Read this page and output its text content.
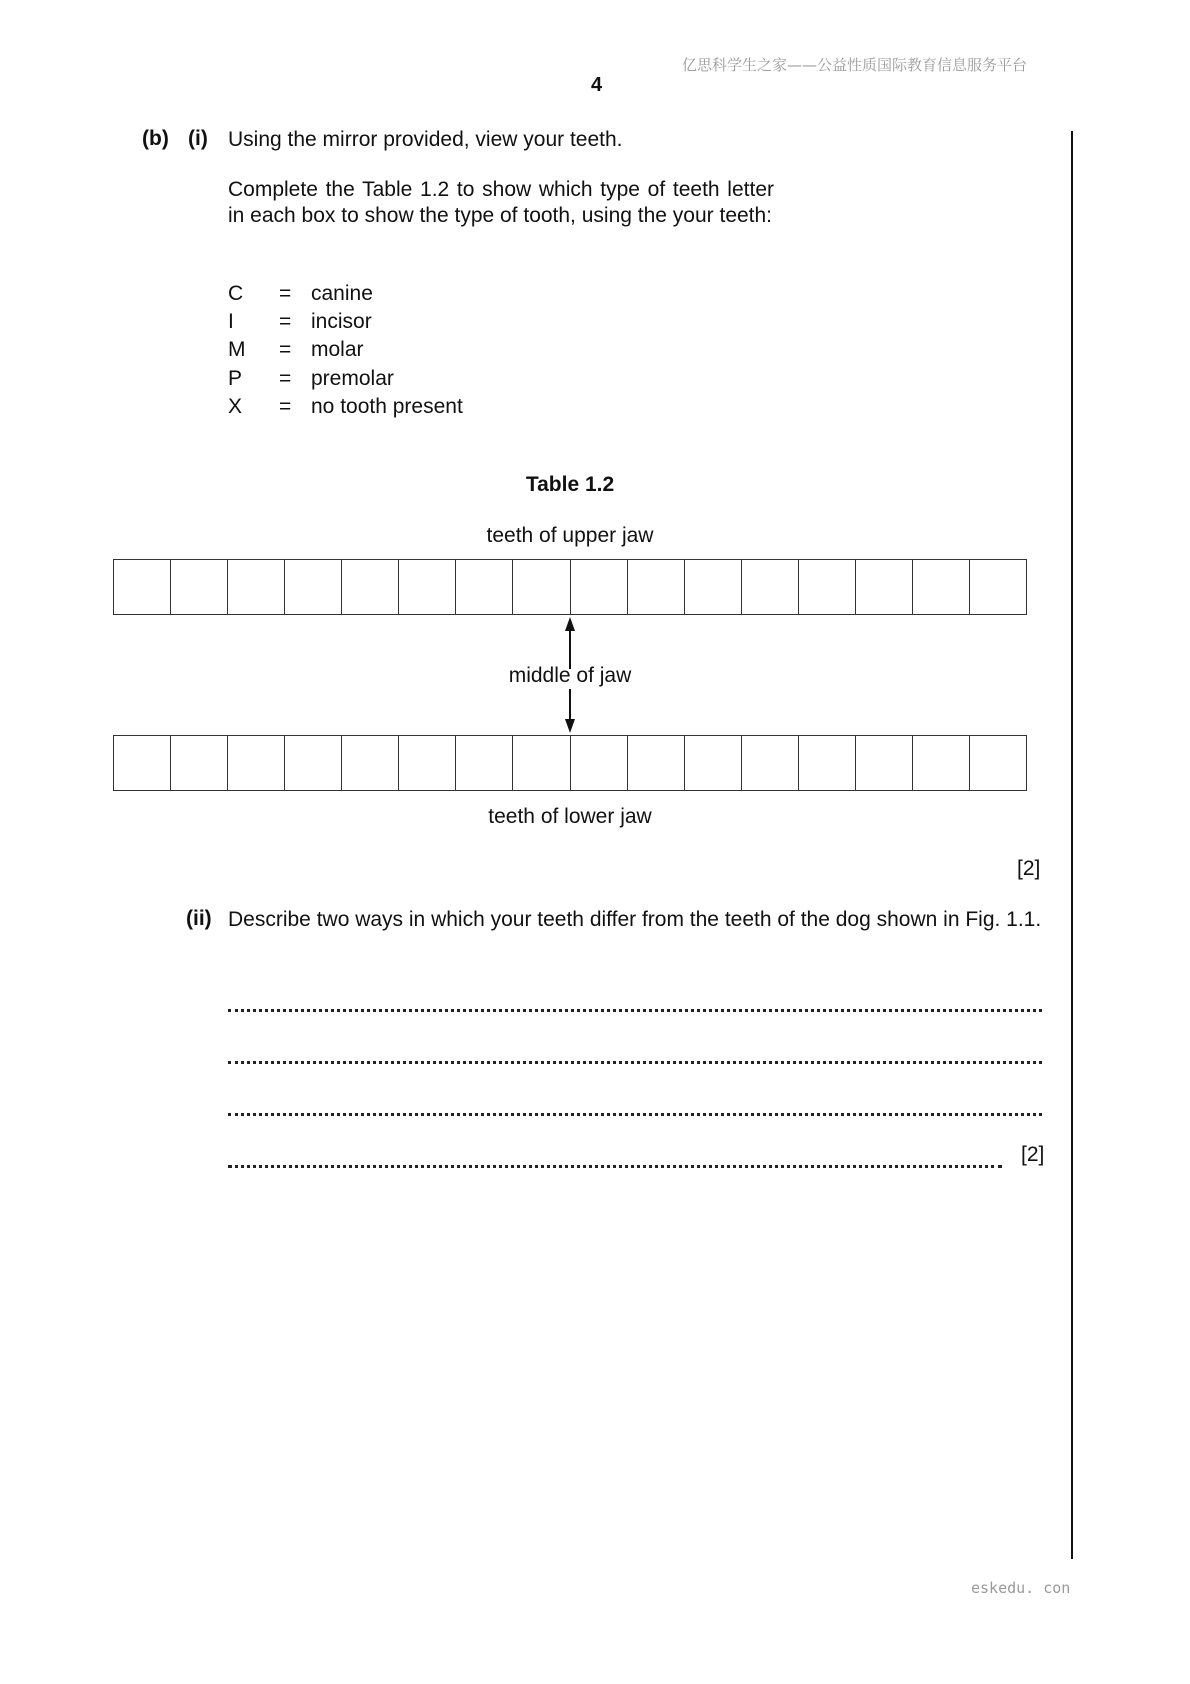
亿思科学生之家——公益性质国际教育信息服务平台
4
(b) (i) Using the mirror provided, view your teeth.
Complete the Table 1.2 to show which type of teeth letter in each box to show the type of tooth, using the your teeth:
C = canine
I = incisor
M = molar
P = premolar
X = no tooth present
Table 1.2
teeth of upper jaw
middle of jaw
teeth of lower jaw
[2]
(ii) Describe two ways in which your teeth differ from the teeth of the dog shown in Fig. 1.1.
[2]
eskedu. con
